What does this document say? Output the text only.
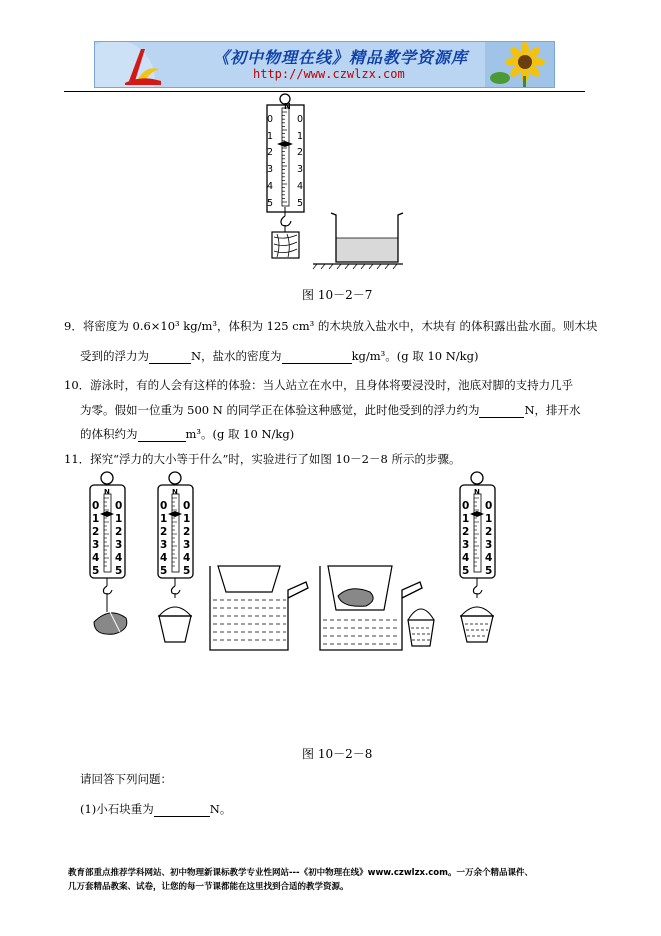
《初中物理在线》精品教学资源库
http://www.czwlzx.com
N
0
1
2
3
4
5
0
1
2
3
4
5
图 10－2－7
9．将密度为 0.6×10³ kg/m³，体积为 125 cm³ 的木块放入盐水中，木块有 的体积露出盐水面。则木块
受到的浮力为	N，盐水的密度为	kg/m³。(g 取 10 N/kg)
10．游泳时，有的人会有这样的体验：当人站立在水中，且身体将要浸没时，池底对脚的支持力几乎
为零。假如一位重为 500 N 的同学正在体验这种感觉，此时他受到的浮力约为	N，排开水
的体积约为	m³。(g 取 10 N/kg)
11．探究“浮力的大小等于什么”时，实验进行了如图 10－2－8 所示的步骤。
图 10－2－8
请回答下列问题：
(1)小石块重为	N。
教育部重点推荐学科网站、初中物理新课标教学专业性网站---《初中物理在线》www.czwlzx.com。一万余个精品课件、
几万套精品教案、试卷，让您的每一节课都能在这里找到合适的教学资源。
